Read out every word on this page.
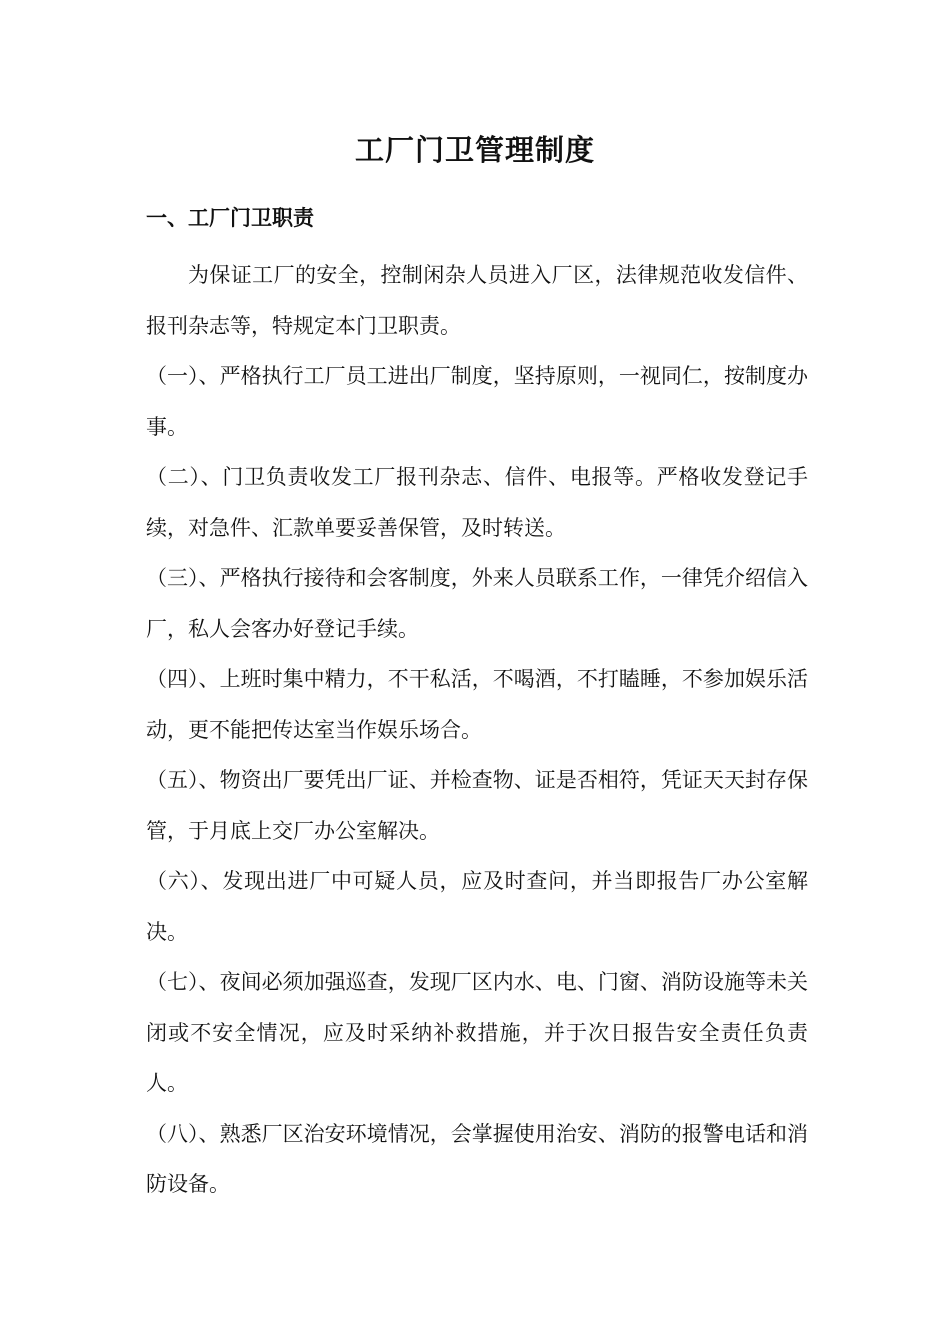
工厂门卫管理制度
一、工厂门卫职责

为保证工厂的安全，控制闲杂人员进入厂区，法律规范收发信件、报刊杂志等，特规定本门卫职责。

（一）、严格执行工厂员工进出厂制度，坚持原则，一视同仁，按制度办事。

（二）、门卫负责收发工厂报刊杂志、信件、电报等。严格收发登记手续，对急件、汇款单要妥善保管，及时转送。

（三）、严格执行接待和会客制度，外来人员联系工作，一律凭介绍信入厂，私人会客办好登记手续。

（四）、上班时集中精力，不干私活，不喝酒，不打瞌睡，不参加娱乐活动，更不能把传达室当作娱乐场合。

（五）、物资出厂要凭出厂证、并检查物、证是否相符，凭证天天封存保管，于月底上交厂办公室解决。

（六）、发现出进厂中可疑人员，应及时查问，并当即报告厂办公室解决。

（七）、夜间必须加强巡查，发现厂区内水、电、门窗、消防设施等未关闭或不安全情况，应及时采纳补救措施，并于次日报告安全责任负责人。

（八）、熟悉厂区治安环境情况，会掌握使用治安、消防的报警电话和消防设备。
